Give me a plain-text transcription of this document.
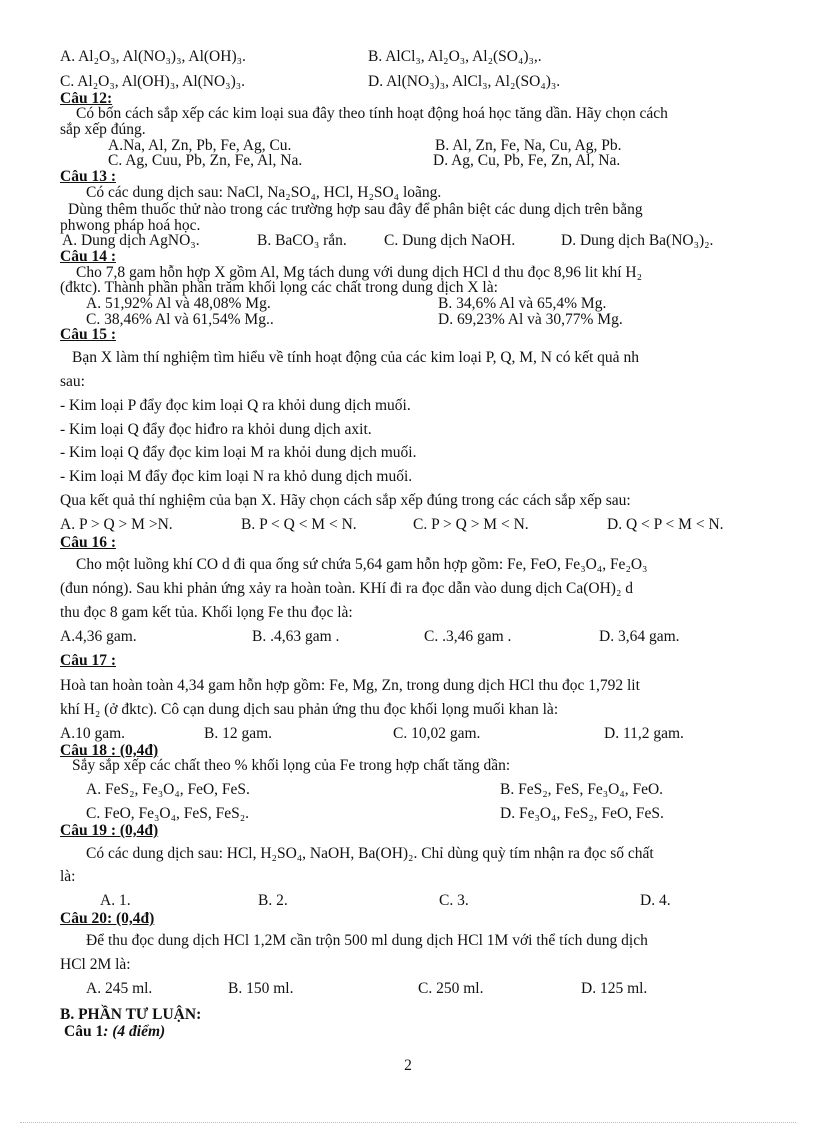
A. Al₂O₃, Al(NO₃)₃, Al(OH)₃.	B. AlCl₃, Al₂O₃, Al₂(SO₄)₃,.
C. Al₂O₃, Al(OH)₃, Al(NO₃)₃.	D. Al(NO₃)₃, AlCl₃, Al₂(SO₄)₃.
Câu 12:
Có bốn cách sắp xếp các kim loại sua đây theo tính hoạt động hoá học tăng dần. Hãy chọn cách
sắp xếp đúng.
A.Na, Al, Zn, Pb, Fe, Ag, Cu.	B. Al, Zn, Fe, Na, Cu, Ag, Pb.
C. Ag, Cuu, Pb, Zn, Fe, Al, Na.	D. Ag, Cu, Pb, Fe, Zn, Al, Na.
Câu 13 :
Có các dung dịch sau: NaCl, Na₂SO₄, HCl, H₂SO₄ loãng.
Dùng thêm thuốc thử nào trong các trường hợp sau đây để phân biệt các dung dịch trên bằng
phwong pháp hoá học.
A. Dung dịch AgNO₃.	B. BaCO₃ rắn. C. Dung dịch NaOH.	D. Dung dịch Ba(NO₃)₂.
Câu 14 :
Cho 7,8 gam hỗn hợp X gồm Al, Mg tách dung với dung dịch HCl d thu đọc 8,96 lit khí H₂
(đktc). Thành phần phần trăm khối lọng các chất trong dung dịch X là:
A. 51,92% Al và 48,08% Mg.	B. 34,6% Al và 65,4% Mg.
C. 38,46% Al và 61,54% Mg..	D. 69,23% Al và 30,77% Mg.
Câu 15 :
Bạn X làm thí nghiệm tìm hiểu về tính hoạt động của các kim loại P, Q, M, N có kết quả nh
sau:
- Kim loại P đẩy đọc kim loại Q ra khỏi dung dịch muối.
- Kim loại Q đẩy đọc hiđro ra khỏi dung dịch axit.
- Kim loại Q đẩy đọc kim loại M ra khỏi dung dịch muối.
- Kim loại M đẩy đọc kim loại N ra khỏ dung dịch muối.
Qua kết quả thí nghiệm của bạn X. Hãy chọn cách sắp xếp đúng trong các cách sắp xếp sau:
A. P > Q > M >N.	B. P < Q < M < N.	C. P > Q > M < N.	D. Q < P < M < N.
Câu 16 :
Cho một luồng khí CO d đi qua ống sứ chứa 5,64 gam hỗn hợp gồm: Fe, FeO, Fe₃O₄, Fe₂O₃
(đun nóng). Sau khi phản ứng xảy ra hoàn toàn. KHí đi ra đọc dẫn vào dung dịch Ca(OH)₂ d
thu đọc 8 gam kết tủa. Khối lọng Fe thu đọc là:
A.4,36 gam.	B. .4,63 gam .	C. .3,46 gam .	D. 3,64 gam.
Câu 17 :
Hoà tan hoàn toàn 4,34 gam hỗn hợp gồm: Fe, Mg, Zn, trong dung dịch HCl thu đọc 1,792 lit
khí H₂ (ở đktc). Cô cạn dung dịch sau phản ứng thu đọc khối lọng muối khan là:
A.10 gam.	B. 12 gam.	C. 10,02 gam.	D. 11,2 gam.
Câu 18 : (0,4đ)
Sắy sắp xếp các chất theo % khối lọng của Fe trong hợp chất tăng dần:
A. FeS₂, Fe₃O₄, FeO, FeS.	B. FeS₂, FeS, Fe₃O₄, FeO.
C. FeO, Fe₃O₄, FeS, FeS₂.	D. Fe₃O₄, FeS₂, FeO, FeS.
Câu 19 : (0,4đ)
Có các dung dịch sau: HCl, H₂SO₄, NaOH, Ba(OH)₂. Chỉ dùng quỳ tím nhận ra đọc số chất
là:
A. 1.	B. 2.	C. 3.	D. 4.
Câu 20: (0,4đ)
Để thu đọc dung dịch HCl 1,2M cần trộn 500 ml dung dịch HCl 1M với thể tích dung dịch
HCl 2M là:
A. 245 ml.	B. 150 ml.	C. 250 ml.	D. 125 ml.
B. PHẦN TƯ LUẬN:
Câu 1: (4 điểm)
2
